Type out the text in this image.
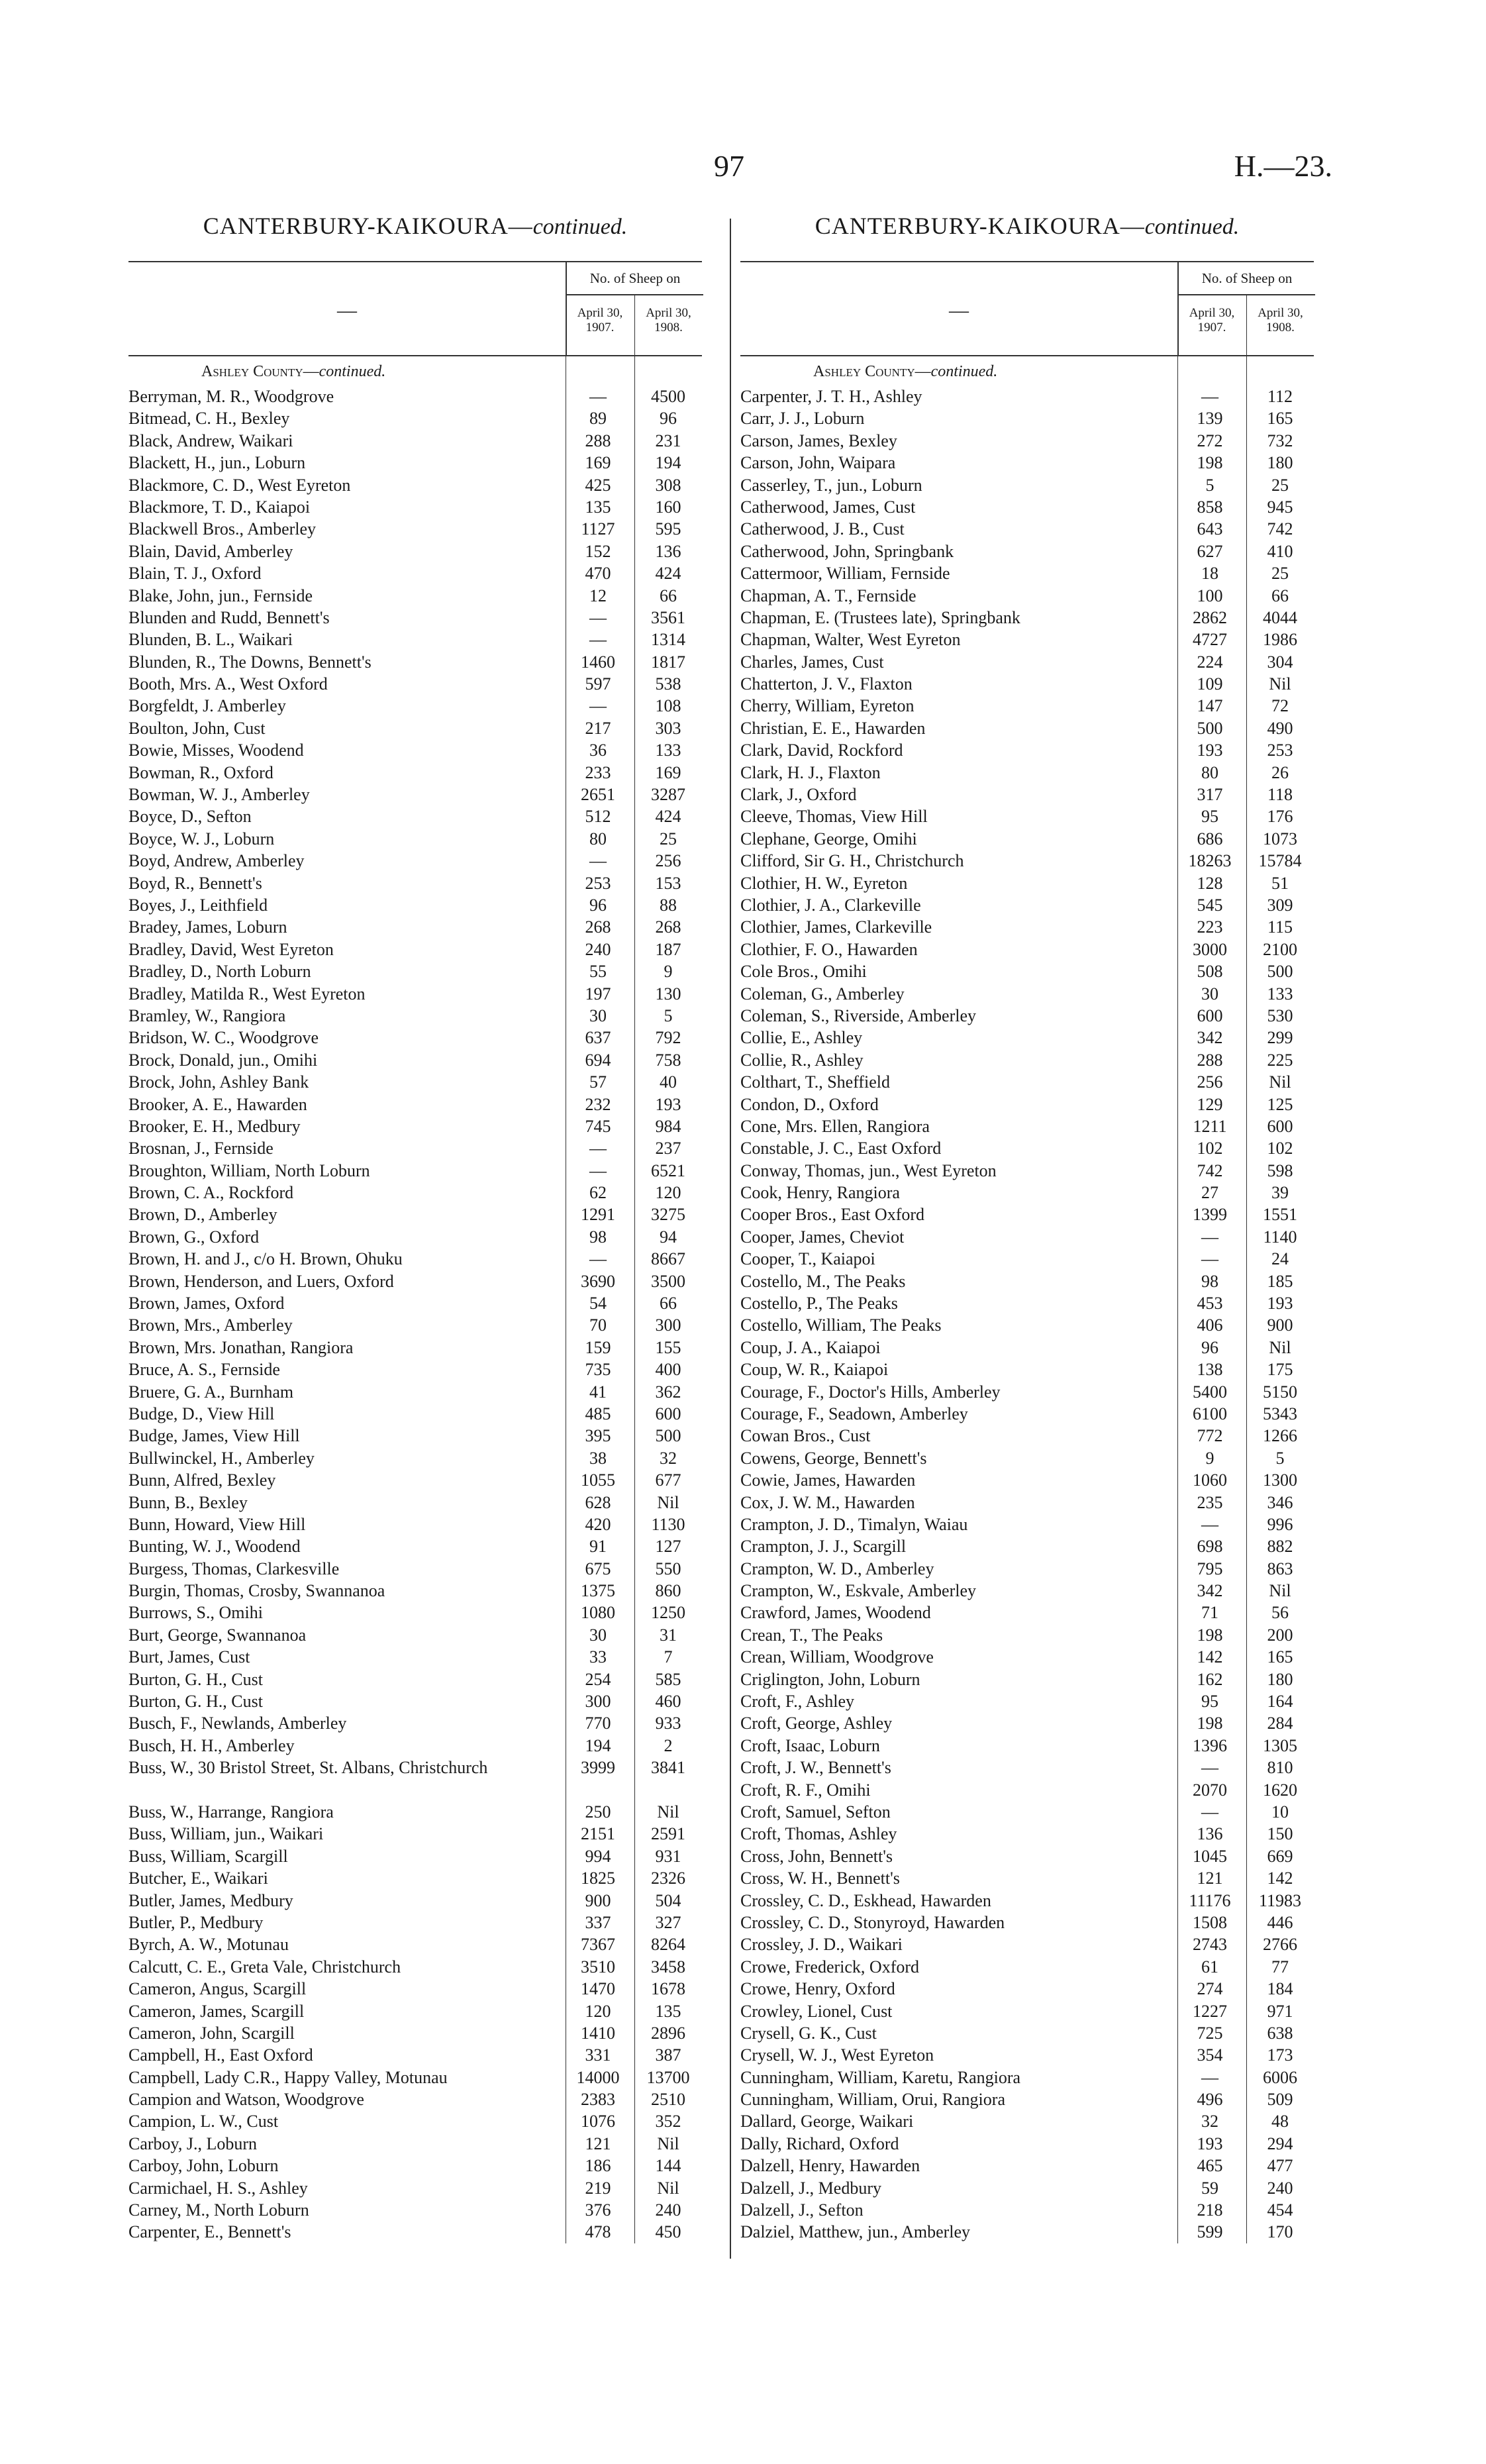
97	H.—23.
CANTERBURY-KAIKOURA—continued.
—
No. of Sheep on
April 30, 1907.
April 30, 1908.
Ashley County—continued.
Berryman, M. R., Woodgrove	—	4500
Bitmead, C. H., Bexley	89	96
Black, Andrew, Waikari	288	231
Blackett, H., jun., Loburn	169	194
Blackmore, C. D., West Eyreton	425	308
Blackmore, T. D., Kaiapoi	135	160
Blackwell Bros., Amberley	1127	595
Blain, David, Amberley	152	136
Blain, T. J., Oxford	470	424
Blake, John, jun., Fernside	12	66
Blunden and Rudd, Bennett's	—	3561
Blunden, B. L., Waikari	—	1314
Blunden, R., The Downs, Bennett's	1460	1817
Booth, Mrs. A., West Oxford	597	538
Borgfeldt, J. Amberley	—	108
Boulton, John, Cust	217	303
Bowie, Misses, Woodend	36	133
Bowman, R., Oxford	233	169
Bowman, W. J., Amberley	2651	3287
Boyce, D., Sefton	512	424
Boyce, W. J., Loburn	80	25
Boyd, Andrew, Amberley	—	256
Boyd, R., Bennett's	253	153
Boyes, J., Leithfield	96	88
Bradey, James, Loburn	268	268
Bradley, David, West Eyreton	240	187
Bradley, D., North Loburn	55	9
Bradley, Matilda R., West Eyreton	197	130
Bramley, W., Rangiora	30	5
Bridson, W. C., Woodgrove	637	792
Brock, Donald, jun., Omihi	694	758
Brock, John, Ashley Bank	57	40
Brooker, A. E., Hawarden	232	193
Brooker, E. H., Medbury	745	984
Brosnan, J., Fernside	—	237
Broughton, William, North Loburn	—	6521
Brown, C. A., Rockford	62	120
Brown, D., Amberley	1291	3275
Brown, G., Oxford	98	94
Brown, H. and J., c/o H. Brown, Ohuku	—	8667
Brown, Henderson, and Luers, Oxford	3690	3500
Brown, James, Oxford	54	66
Brown, Mrs., Amberley	70	300
Brown, Mrs. Jonathan, Rangiora	159	155
Bruce, A. S., Fernside	735	400
Bruere, G. A., Burnham	41	362
Budge, D., View Hill	485	600
Budge, James, View Hill	395	500
Bullwinckel, H., Amberley	38	32
Bunn, Alfred, Bexley	1055	677
Bunn, B., Bexley	628	Nil
Bunn, Howard, View Hill	420	1130
Bunting, W. J., Woodend	91	127
Burgess, Thomas, Clarkesville	675	550
Burgin, Thomas, Crosby, Swannanoa	1375	860
Burrows, S., Omihi	1080	1250
Burt, George, Swannanoa	30	31
Burt, James, Cust	33	7
Burton, G. H., Cust	254	585
Burton, G. H., Cust	300	460
Busch, F., Newlands, Amberley	770	933
Busch, H. H., Amberley	194	2
Buss, W., 30 Bristol Street, St. Albans, Christchurch	3999	3841
Buss, W., Harrange, Rangiora	250	Nil
Buss, William, jun., Waikari	2151	2591
Buss, William, Scargill	994	931
Butcher, E., Waikari	1825	2326
Butler, James, Medbury	900	504
Butler, P., Medbury	337	327
Byrch, A. W., Motunau	7367	8264
Calcutt, C. E., Greta Vale, Christchurch	3510	3458
Cameron, Angus, Scargill	1470	1678
Cameron, James, Scargill	120	135
Cameron, John, Scargill	1410	2896
Campbell, H., East Oxford	331	387
Campbell, Lady C.R., Happy Valley, Motunau	14000	13700
Campion and Watson, Woodgrove	2383	2510
Campion, L. W., Cust	1076	352
Carboy, J., Loburn	121	Nil
Carboy, John, Loburn	186	144
Carmichael, H. S., Ashley	219	Nil
Carney, M., North Loburn	376	240
Carpenter, E., Bennett's	478	450
CANTERBURY-KAIKOURA—continued.
—
No. of Sheep on
April 30, 1907.
April 30, 1908.
Ashley County—continued.
Carpenter, J. T. H., Ashley	—	112
Carr, J. J., Loburn	139	165
Carson, James, Bexley	272	732
Carson, John, Waipara	198	180
Casserley, T., jun., Loburn	5	25
Catherwood, James, Cust	858	945
Catherwood, J. B., Cust	643	742
Catherwood, John, Springbank	627	410
Cattermoor, William, Fernside	18	25
Chapman, A. T., Fernside	100	66
Chapman, E. (Trustees late), Springbank	2862	4044
Chapman, Walter, West Eyreton	4727	1986
Charles, James, Cust	224	304
Chatterton, J. V., Flaxton	109	Nil
Cherry, William, Eyreton	147	72
Christian, E. E., Hawarden	500	490
Clark, David, Rockford	193	253
Clark, H. J., Flaxton	80	26
Clark, J., Oxford	317	118
Cleeve, Thomas, View Hill	95	176
Clephane, George, Omihi	686	1073
Clifford, Sir G. H., Christchurch	18263	15784
Clothier, H. W., Eyreton	128	51
Clothier, J. A., Clarkeville	545	309
Clothier, James, Clarkeville	223	115
Clothier, F. O., Hawarden	3000	2100
Cole Bros., Omihi	508	500
Coleman, G., Amberley	30	133
Coleman, S., Riverside, Amberley	600	530
Collie, E., Ashley	342	299
Collie, R., Ashley	288	225
Colthart, T., Sheffield	256	Nil
Condon, D., Oxford	129	125
Cone, Mrs. Ellen, Rangiora	1211	600
Constable, J. C., East Oxford	102	102
Conway, Thomas, jun., West Eyreton	742	598
Cook, Henry, Rangiora	27	39
Cooper Bros., East Oxford	1399	1551
Cooper, James, Cheviot	—	1140
Cooper, T., Kaiapoi	—	24
Costello, M., The Peaks	98	185
Costello, P., The Peaks	453	193
Costello, William, The Peaks	406	900
Coup, J. A., Kaiapoi	96	Nil
Coup, W. R., Kaiapoi	138	175
Courage, F., Doctor's Hills, Amberley	5400	5150
Courage, F., Seadown, Amberley	6100	5343
Cowan Bros., Cust	772	1266
Cowens, George, Bennett's	9	5
Cowie, James, Hawarden	1060	1300
Cox, J. W. M., Hawarden	235	346
Crampton, J. D., Timalyn, Waiau	—	996
Crampton, J. J., Scargill	698	882
Crampton, W. D., Amberley	795	863
Crampton, W., Eskvale, Amberley	342	Nil
Crawford, James, Woodend	71	56
Crean, T., The Peaks	198	200
Crean, William, Woodgrove	142	165
Criglington, John, Loburn	162	180
Croft, F., Ashley	95	164
Croft, George, Ashley	198	284
Croft, Isaac, Loburn	1396	1305
Croft, J. W., Bennett's	—	810
Croft, R. F., Omihi	2070	1620
Croft, Samuel, Sefton	—	10
Croft, Thomas, Ashley	136	150
Cross, John, Bennett's	1045	669
Cross, W. H., Bennett's	121	142
Crossley, C. D., Eskhead, Hawarden	11176	11983
Crossley, C. D., Stonyroyd, Hawarden	1508	446
Crossley, J. D., Waikari	2743	2766
Crowe, Frederick, Oxford	61	77
Crowe, Henry, Oxford	274	184
Crowley, Lionel, Cust	1227	971
Crysell, G. K., Cust	725	638
Crysell, W. J., West Eyreton	354	173
Cunningham, William, Karetu, Rangiora	—	6006
Cunningham, William, Orui, Rangiora	496	509
Dallard, George, Waikari	32	48
Dally, Richard, Oxford	193	294
Dalzell, Henry, Hawarden	465	477
Dalzell, J., Medbury	59	240
Dalzell, J., Sefton	218	454
Dalziel, Matthew, jun., Amberley	599	170
